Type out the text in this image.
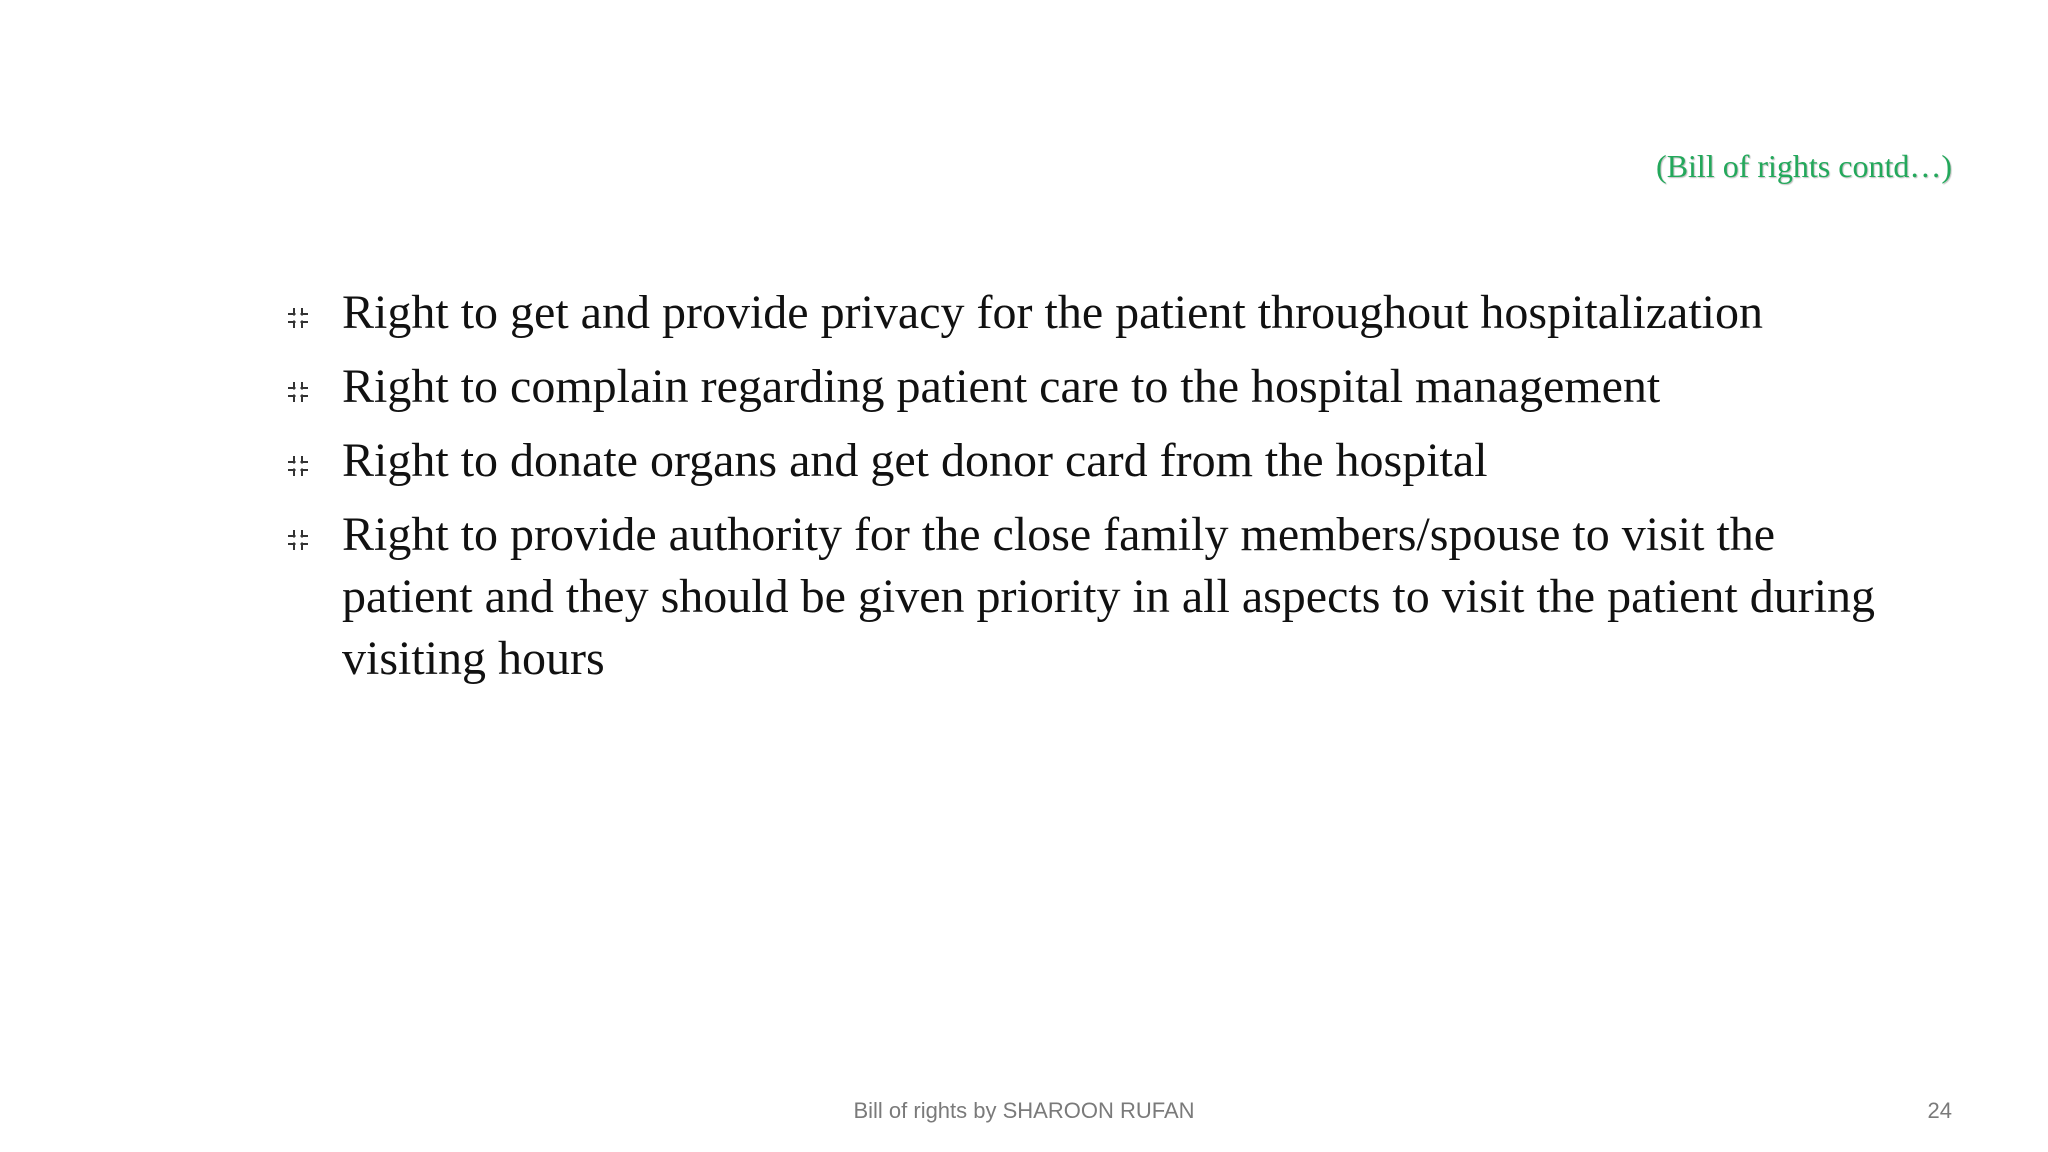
(Bill of rights contd…)
Right to get and provide privacy for the patient throughout hospitalization
Right to complain regarding patient care to the hospital management
Right to donate organs and get donor card from the hospital
Right to provide authority for the close family members/spouse to visit the patient and they should be given priority in all aspects to visit the patient during visiting hours
Bill of rights by SHAROON RUFAN	24
